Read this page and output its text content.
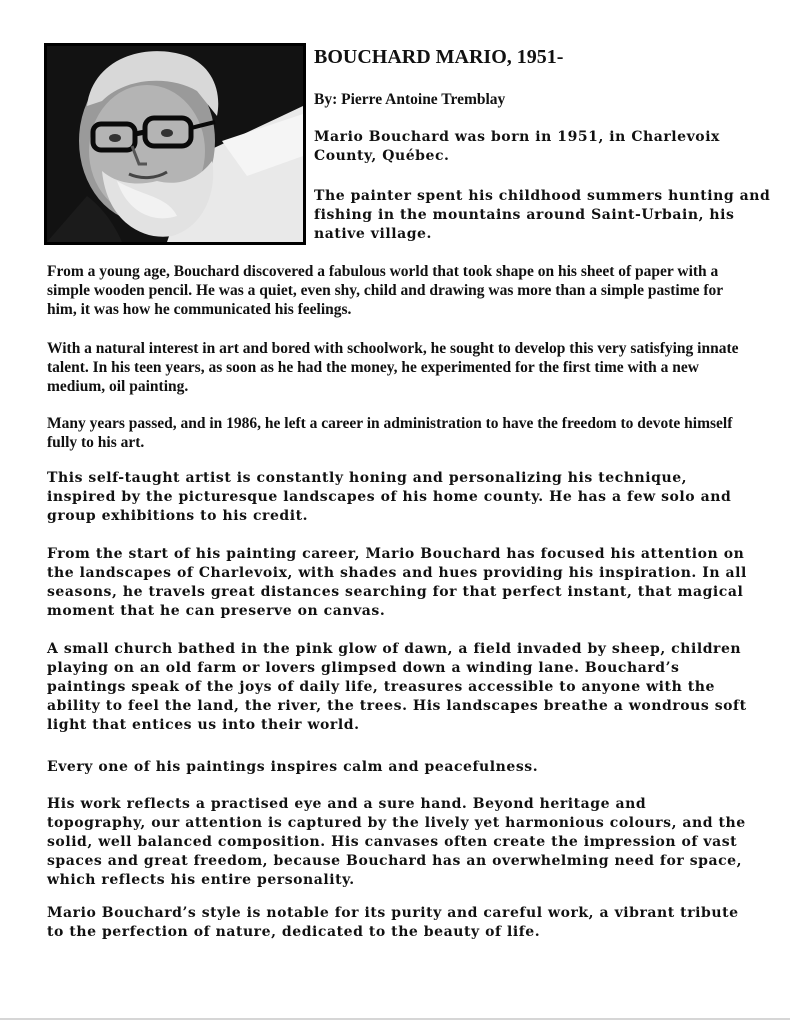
BOUCHARD MARIO, 1951-

By: Pierre Antoine Tremblay

Mario Bouchard was born in 1951, in Charlevoix County, Québec.

The painter spent his childhood summers hunting and fishing in the mountains around Saint-Urbain, his native village.

From a young age, Bouchard discovered a fabulous world that took shape on his sheet of paper with a simple wooden pencil. He was a quiet, even shy, child and drawing was more than a simple pastime for him, it was how he communicated his feelings.

With a natural interest in art and bored with schoolwork, he sought to develop this very satisfying innate talent. In his teen years, as soon as he had the money, he experimented for the first time with a new medium, oil painting.

Many years passed, and in 1986, he left a career in administration to have the freedom to devote himself fully to his art.

This self-taught artist is constantly honing and personalizing his technique, inspired by the picturesque landscapes of his home county. He has a few solo and group exhibitions to his credit.

From the start of his painting career, Mario Bouchard has focused his attention on the landscapes of Charlevoix, with shades and hues providing his inspiration. In all seasons, he travels great distances searching for that perfect instant, that magical moment that he can preserve on canvas.

A small church bathed in the pink glow of dawn, a field invaded by sheep, children playing on an old farm or lovers glimpsed down a winding lane. Bouchard’s paintings speak of the joys of daily life, treasures accessible to anyone with the ability to feel the land, the river, the trees. His landscapes breathe a wondrous soft light that entices us into their world.

Every one of his paintings inspires calm and peacefulness.

His work reflects a practised eye and a sure hand. Beyond heritage and topography, our attention is captured by the lively yet harmonious colours, and the solid, well balanced composition. His canvases often create the impression of vast spaces and great freedom, because Bouchard has an overwhelming need for space, which reflects his entire personality.

Mario Bouchard’s style is notable for its purity and careful work, a vibrant tribute to the perfection of nature, dedicated to the beauty of life.
